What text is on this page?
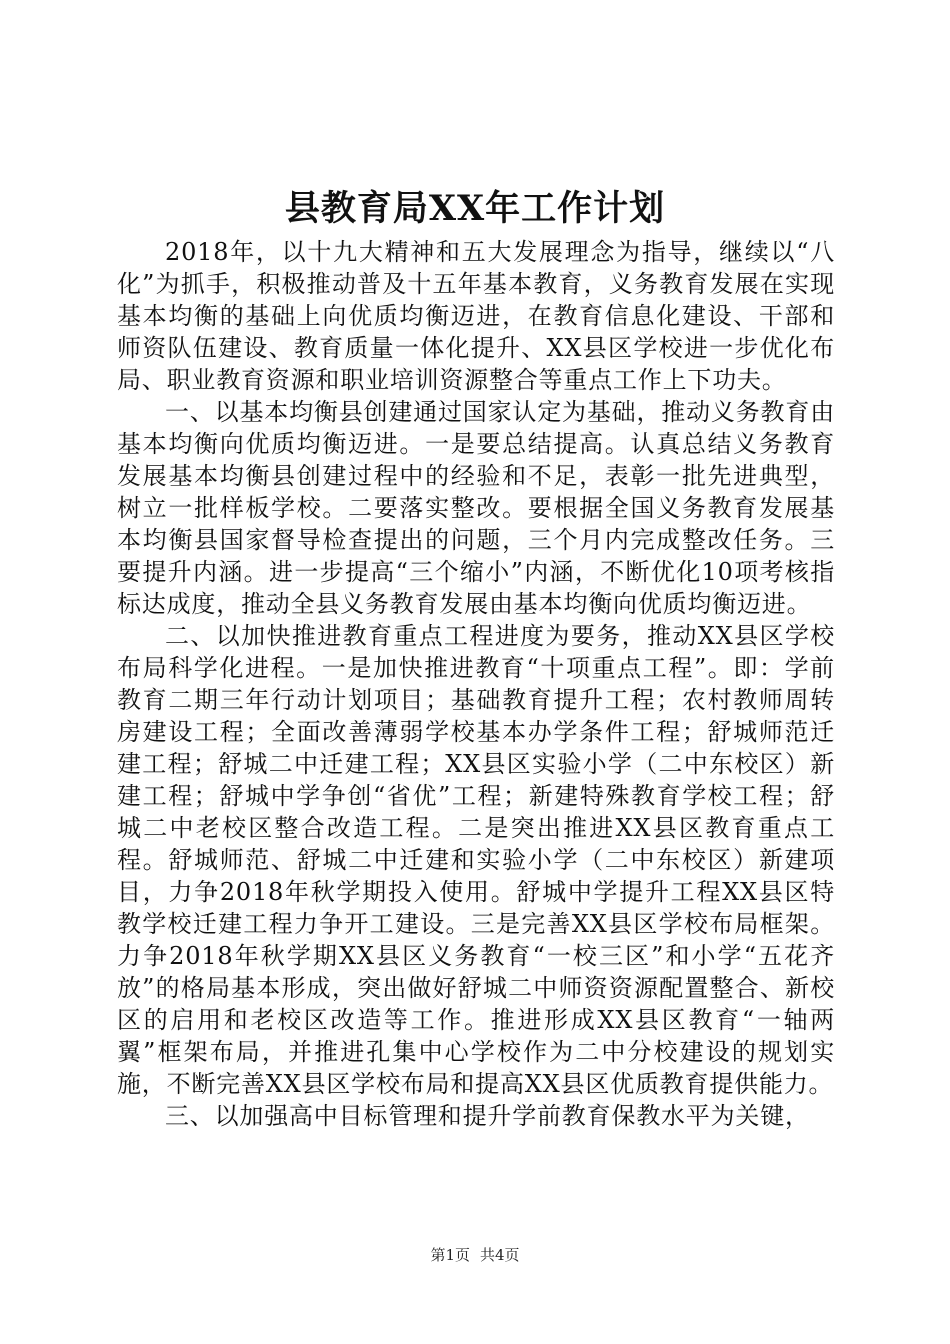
县教育局XX年工作计划

2018年，以十九大精神和五大发展理念为指导，继续以“八化”为抓手，积极推动普及十五年基本教育，义务教育发展在实现基本均衡的基础上向优质均衡迈进，在教育信息化建设、干部和师资队伍建设、教育质量一体化提升、XX县区学校进一步优化布局、职业教育资源和职业培训资源整合等重点工作上下功夫。

一、以基本均衡县创建通过国家认定为基础，推动义务教育由基本均衡向优质均衡迈进。一是要总结提高。认真总结义务教育发展基本均衡县创建过程中的经验和不足，表彰一批先进典型，树立一批样板学校。二要落实整改。要根据全国义务教育发展基本均衡县国家督导检查提出的问题，三个月内完成整改任务。三要提升内涵。进一步提高“三个缩小”内涵，不断优化10项考核指标达成度，推动全县义务教育发展由基本均衡向优质均衡迈进。

二、以加快推进教育重点工程进度为要务，推动XX县区学校布局科学化进程。一是加快推进教育“十项重点工程”。即：学前教育二期三年行动计划项目；基础教育提升工程；农村教师周转房建设工程；全面改善薄弱学校基本办学条件工程；舒城师范迁建工程；舒城二中迁建工程；XX县区实验小学（二中东校区）新建工程；舒城中学争创“省优”工程；新建特殊教育学校工程；舒城二中老校区整合改造工程。二是突出推进XX县区教育重点工程。舒城师范、舒城二中迁建和实验小学（二中东校区）新建项目，力争2018年秋学期投入使用。舒城中学提升工程XX县区特教学校迁建工程力争开工建设。三是完善XX县区学校布局框架。力争2018年秋学期XX县区义务教育“一校三区”和小学“五花齐放”的格局基本形成，突出做好舒城二中师资资源配置整合、新校区的启用和老校区改造等工作。推进形成XX县区教育“一轴两翼”框架布局，并推进孔集中心学校作为二中分校建设的规划实施，不断完善XX县区学校布局和提高XX县区优质教育提供能力。

三、以加强高中目标管理和提升学前教育保教水平为关键，

第1页 共4页
